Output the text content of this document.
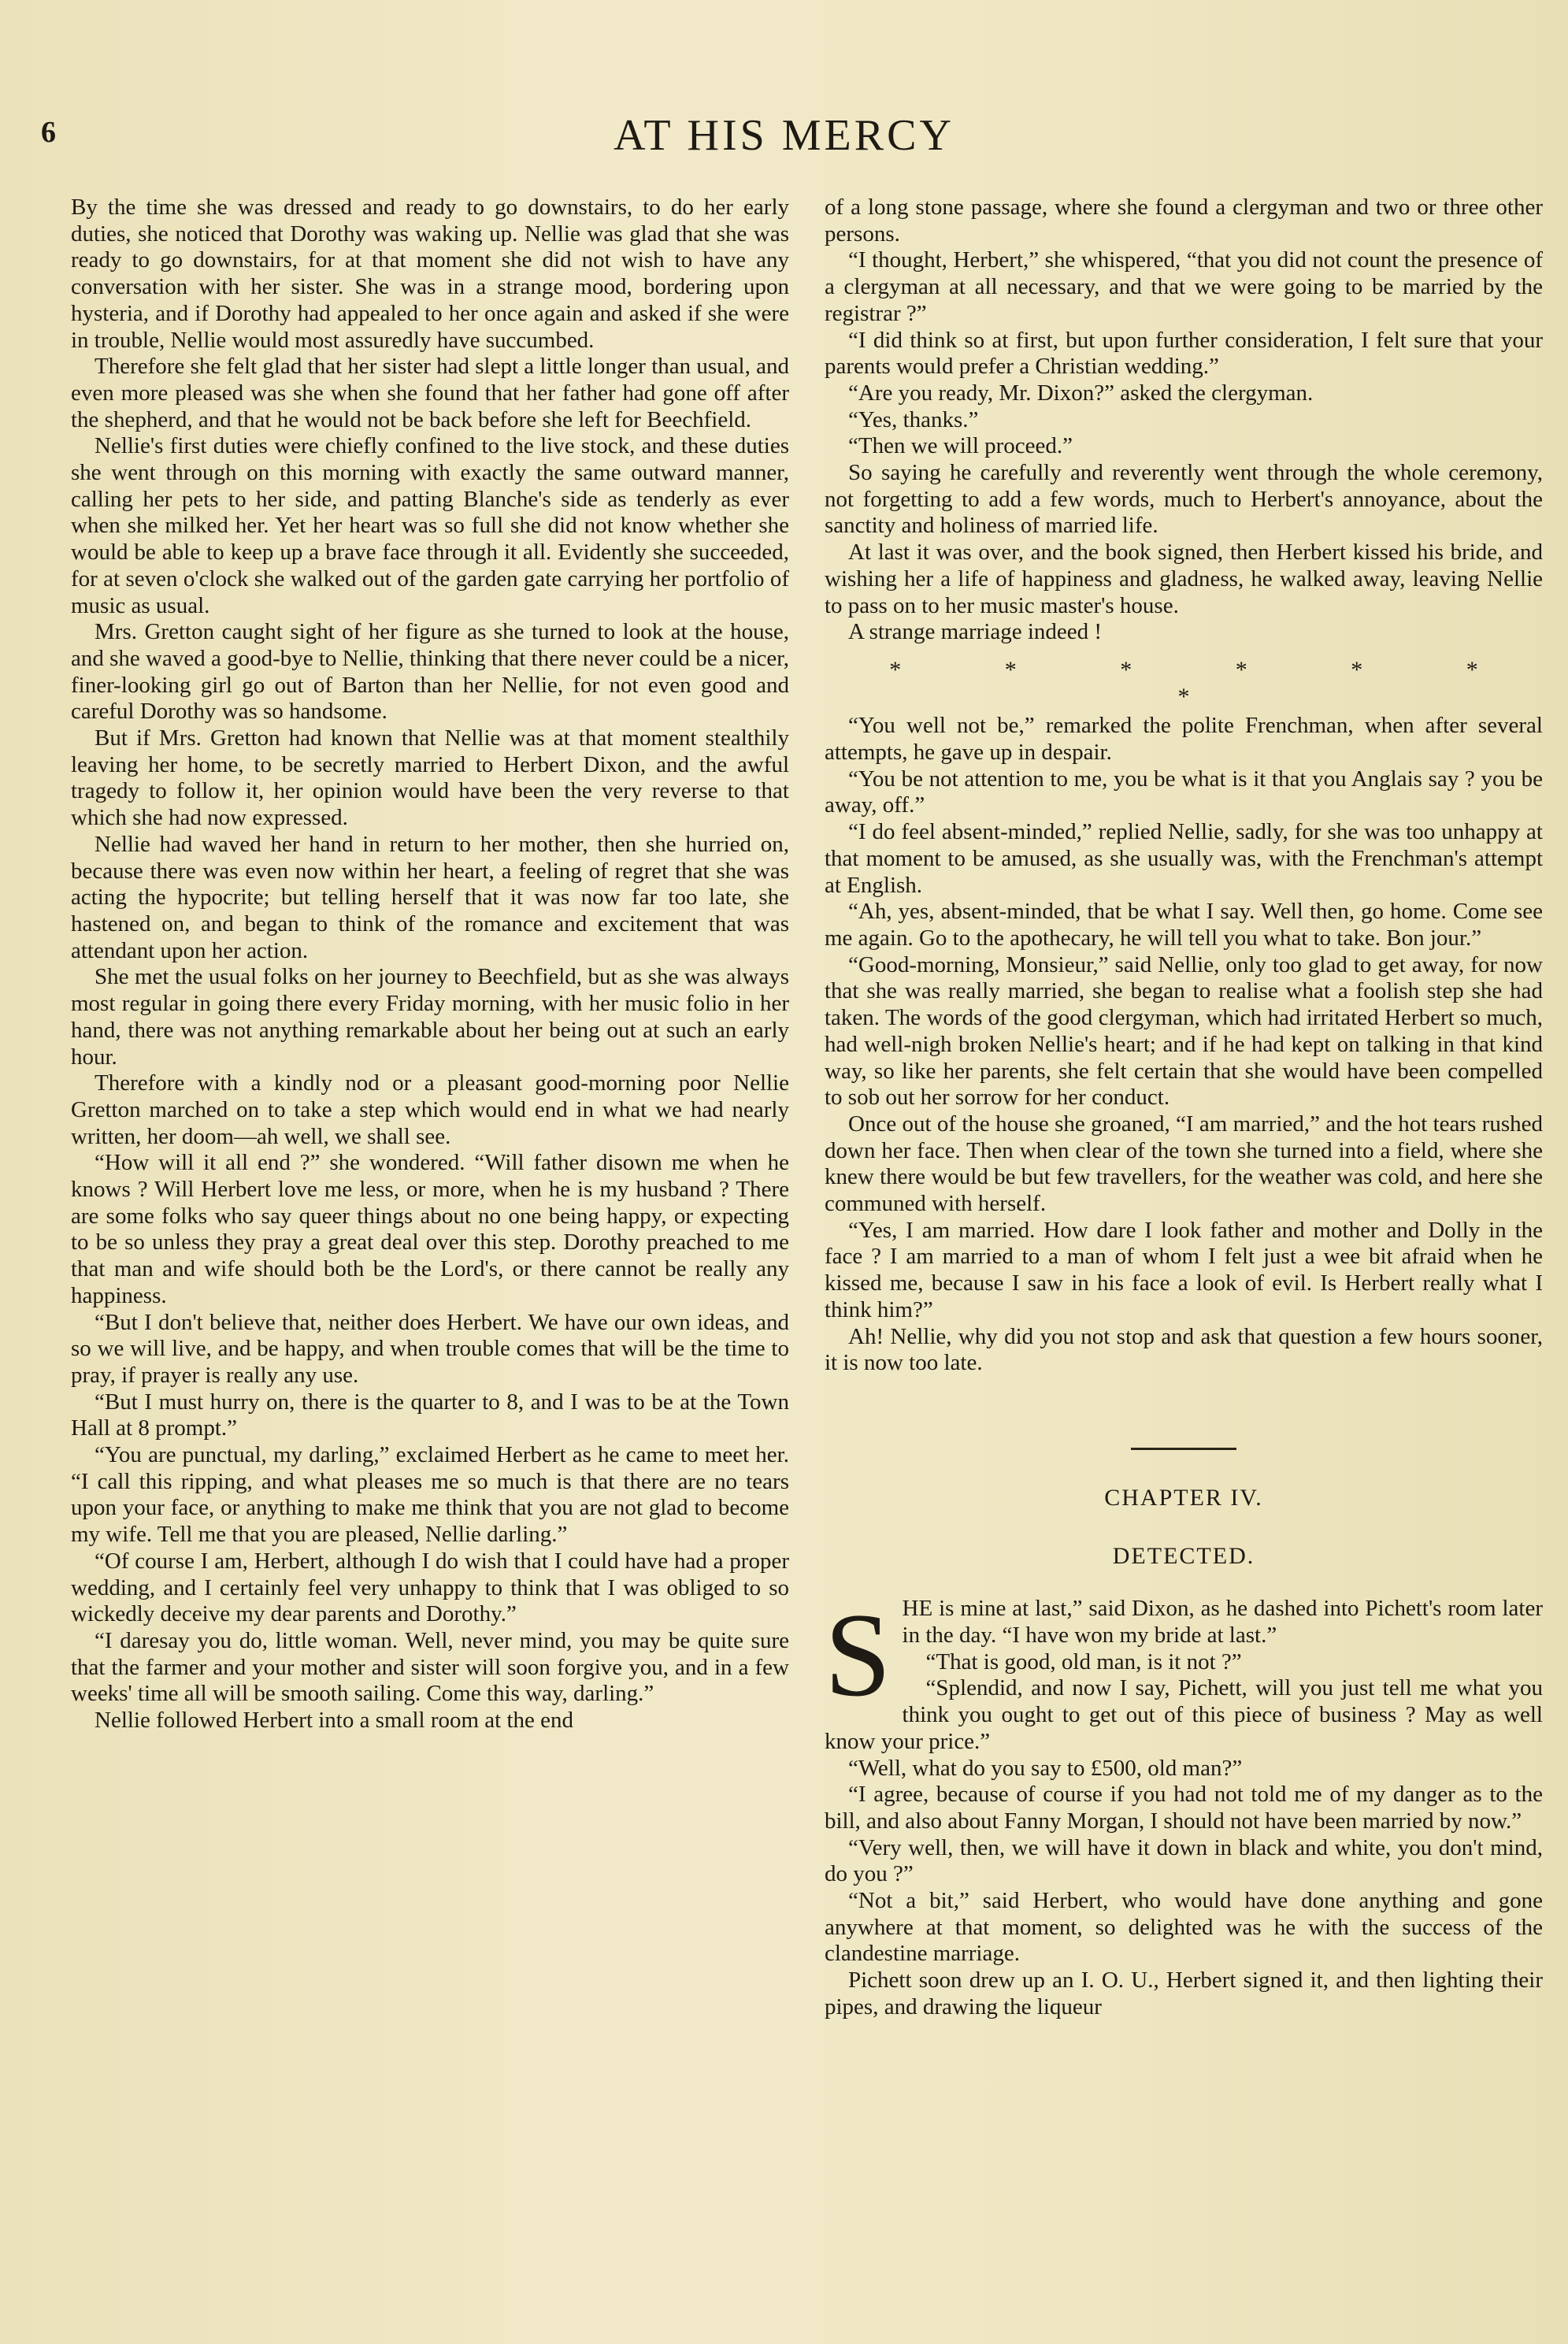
6	AT HIS MERCY

By the time she was dressed and ready to go downstairs, to do her early duties, she noticed that Dorothy was waking up. Nellie was glad that she was ready to go downstairs, for at that moment she did not wish to have any conversation with her sister. She was in a strange mood, bordering upon hysteria, and if Dorothy had appealed to her once again and asked if she were in trouble, Nellie would most assuredly have succumbed.

Therefore she felt glad that her sister had slept a little longer than usual, and even more pleased was she when she found that her father had gone off after the shepherd, and that he would not be back before she left for Beechfield.

Nellie's first duties were chiefly confined to the live stock, and these duties she went through on this morning with exactly the same outward manner, calling her pets to her side, and patting Blanche's side as tenderly as ever when she milked her. Yet her heart was so full she did not know whether she would be able to keep up a brave face through it all. Evidently she succeeded, for at seven o'clock she walked out of the garden gate carrying her portfolio of music as usual.

Mrs. Gretton caught sight of her figure as she turned to look at the house, and she waved a good-bye to Nellie, thinking that there never could be a nicer, finer-looking girl go out of Barton than her Nellie, for not even good and careful Dorothy was so handsome.

But if Mrs. Gretton had known that Nellie was at that moment stealthily leaving her home, to be secretly married to Herbert Dixon, and the awful tragedy to follow it, her opinion would have been the very reverse to that which she had now expressed.

Nellie had waved her hand in return to her mother, then she hurried on, because there was even now within her heart, a feeling of regret that she was acting the hypocrite; but telling herself that it was now far too late, she hastened on, and began to think of the romance and excitement that was attendant upon her action.

She met the usual folks on her journey to Beechfield, but as she was always most regular in going there every Friday morning, with her music folio in her hand, there was not anything remarkable about her being out at such an early hour.

Therefore with a kindly nod or a pleasant good-morning poor Nellie Gretton marched on to take a step which would end in what we had nearly written, her doom—ah well, we shall see.

“How will it all end ?” she wondered. “Will father disown me when he knows ? Will Herbert love me less, or more, when he is my husband ? There are some folks who say queer things about no one being happy, or expecting to be so unless they pray a great deal over this step. Dorothy preached to me that man and wife should both be the Lord's, or there cannot be really any happiness.

“But I don't believe that, neither does Herbert. We have our own ideas, and so we will live, and be happy, and when trouble comes that will be the time to pray, if prayer is really any use.

“But I must hurry on, there is the quarter to 8, and I was to be at the Town Hall at 8 prompt.”

“You are punctual, my darling,” exclaimed Herbert as he came to meet her. “I call this ripping, and what pleases me so much is that there are no tears upon your face, or anything to make me think that you are not glad to become my wife. Tell me that you are pleased, Nellie darling.”

“Of course I am, Herbert, although I do wish that I could have had a proper wedding, and I certainly feel very unhappy to think that I was obliged to so wickedly deceive my dear parents and Dorothy.”

“I daresay you do, little woman. Well, never mind, you may be quite sure that the farmer and your mother and sister will soon forgive you, and in a few weeks' time all will be smooth sailing. Come this way, darling.”

Nellie followed Herbert into a small room at the end

of a long stone passage, where she found a clergyman and two or three other persons.

“I thought, Herbert,” she whispered, “that you did not count the presence of a clergyman at all necessary, and that we were going to be married by the registrar ?”

“I did think so at first, but upon further consideration, I felt sure that your parents would prefer a Christian wedding.”

“Are you ready, Mr. Dixon?” asked the clergyman.

“Yes, thanks.”

“Then we will proceed.”

So saying he carefully and reverently went through the whole ceremony, not forgetting to add a few words, much to Herbert's annoyance, about the sanctity and holiness of married life.

At last it was over, and the book signed, then Herbert kissed his bride, and wishing her a life of happiness and gladness, he walked away, leaving Nellie to pass on to her music master's house.

A strange marriage indeed !

* * * * * * *

“You well not be,” remarked the polite Frenchman, when after several attempts, he gave up in despair.

“You be not attention to me, you be what is it that you Anglais say ? you be away, off.”

“I do feel absent-minded,” replied Nellie, sadly, for she was too unhappy at that moment to be amused, as she usually was, with the Frenchman's attempt at English.

“Ah, yes, absent-minded, that be what I say. Well then, go home. Come see me again. Go to the apothecary, he will tell you what to take. Bon jour.”

“Good-morning, Monsieur,” said Nellie, only too glad to get away, for now that she was really married, she began to realise what a foolish step she had taken. The words of the good clergyman, which had irritated Herbert so much, had well-nigh broken Nellie's heart; and if he had kept on talking in that kind way, so like her parents, she felt certain that she would have been compelled to sob out her sorrow for her conduct.

Once out of the house she groaned, “I am married,” and the hot tears rushed down her face. Then when clear of the town she turned into a field, where she knew there would be but few travellers, for the weather was cold, and here she communed with herself.

“Yes, I am married. How dare I look father and mother and Dolly in the face ? I am married to a man of whom I felt just a wee bit afraid when he kissed me, because I saw in his face a look of evil. Is Herbert really what I think him?”

Ah! Nellie, why did you not stop and ask that question a few hours sooner, it is now too late.

CHAPTER IV.
DETECTED.

SHE is mine at last,” said Dixon, as he dashed into Pichett's room later in the day. “I have won my bride at last.”

“That is good, old man, is it not ?”

“Splendid, and now I say, Pichett, will you just tell me what you think you ought to get out of this piece of business ? May as well know your price.”

“Well, what do you say to £500, old man?”

“I agree, because of course if you had not told me of my danger as to the bill, and also about Fanny Morgan, I should not have been married by now.”

“Very well, then, we will have it down in black and white, you don't mind, do you ?”

“Not a bit,” said Herbert, who would have done anything and gone anywhere at that moment, so delighted was he with the success of the clandestine marriage.

Pichett soon drew up an I. O. U., Herbert signed it, and then lighting their pipes, and drawing the liqueur
